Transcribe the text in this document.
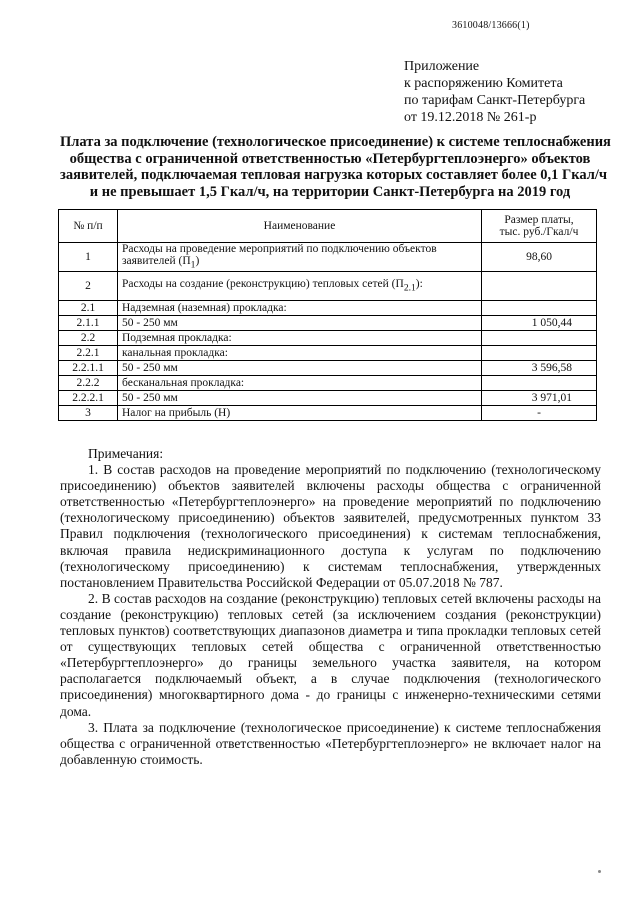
3610048/13666(1)
Приложение
к распоряжению Комитета
по тарифам Санкт-Петербурга
от 19.12.2018 № 261-р
Плата за подключение (технологическое присоединение) к системе теплоснабжения
общества с ограниченной ответственностью «Петербургтеплоэнерго» объектов
заявителей, подключаемая тепловая нагрузка которых составляет более 0,1 Гкал/ч
и не превышает 1,5 Гкал/ч, на территории Санкт-Петербурга на 2019 год
№ п/п	Наименование	Размер платы,
тыс. руб./Гкал/ч

1	Расходы на проведение мероприятий по подключению объектов заявителей $(П_1)$	98,60
2	Расходы на создание (реконструкцию) тепловых сетей $(П_{2.1})$:	
2.1	Надземная (наземная) прокладка:	
2.1.1	50 - 250 мм	1 050,44
2.2	Подземная прокладка:	
2.2.1	канальная прокладка:	
2.2.1.1	50 - 250 мм	3 596,58
2.2.2	бесканальная прокладка:	
2.2.2.1	50 - 250 мм	3 971,01
3	Налог на прибыль (Н)	-
Примечания:

1. В состав расходов на проведение мероприятий по подключению (технологическому присоединению) объектов заявителей включены расходы общества с ограниченной ответственностью «Петербургтеплоэнерго» на проведение мероприятий по подключению (технологическому присоединению) объектов заявителей, предусмотренных пунктом 33 Правил подключения (технологического присоединения) к системам теплоснабжения, включая правила недискриминационного доступа к услугам по подключению (технологическому присоединению) к системам теплоснабжения, утвержденных постановлением Правительства Российской Федерации от 05.07.2018 № 787.

2. В состав расходов на создание (реконструкцию) тепловых сетей включены расходы на создание (реконструкцию) тепловых сетей (за исключением создания (реконструкции) тепловых пунктов) соответствующих диапазонов диаметра и типа прокладки тепловых сетей от существующих тепловых сетей общества с ограниченной ответственностью «Петербургтеплоэнерго» до границы земельного участка заявителя, на котором располагается подключаемый объект, а в случае подключения (технологического присоединения) многоквартирного дома - до границы с инженерно-техническими сетями дома.

3. Плата за подключение (технологическое присоединение) к системе теплоснабжения общества с ограниченной ответственностью «Петербургтеплоэнерго» не включает налог на добавленную стоимость.
